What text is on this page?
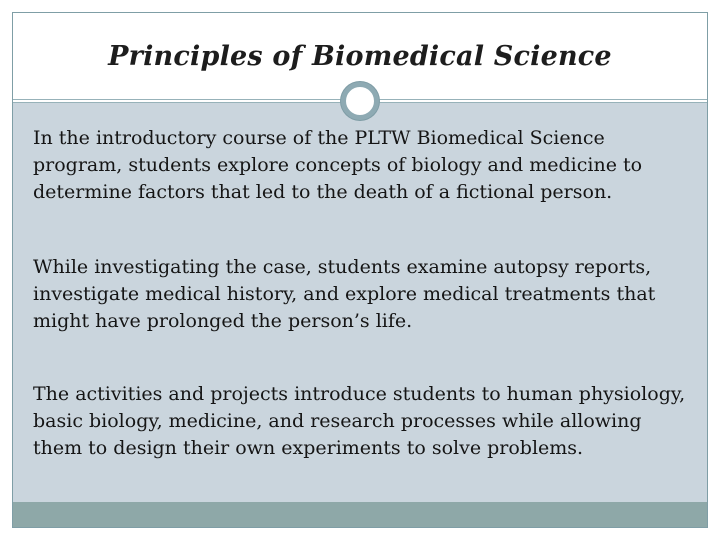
Principles of Biomedical Science

In the introductory course of the PLTW Biomedical Science program, students explore concepts of biology and medicine to determine factors that led to the death of a fictional person.

While investigating the case, students examine autopsy reports, investigate medical history, and explore medical treatments that might have prolonged the person’s life.

The activities and projects introduce students to human physiology, basic biology, medicine, and research processes while allowing them to design their own experiments to solve problems.
